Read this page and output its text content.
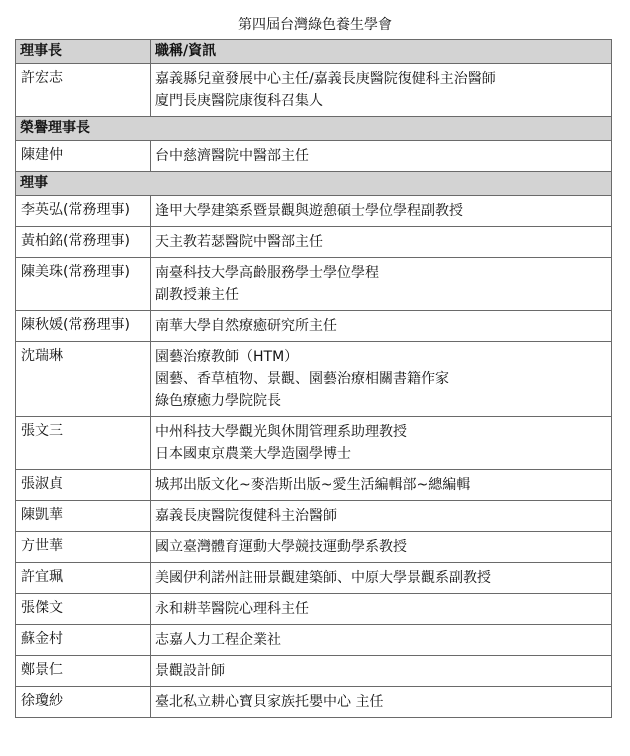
第四屆台灣綠色養生學會
理事長	職稱/資訊
許宏志	嘉義縣兒童發展中心主任/嘉義長庚醫院復健科主治醫師
廈門長庚醫院康復科召集人

榮譽理事長	
陳建仲	台中慈濟醫院中醫部主任

理事	
李英弘(常務理事)	逢甲大學建築系暨景觀與遊憩碩士學位學程副教授

黃柏銘(常務理事)	天主教若瑟醫院中醫部主任

陳美珠(常務理事)	南臺科技大學高齡服務學士學位學程
副教授兼主任

陳秋媛(常務理事)	南華大學自然療癒研究所主任

沈瑞琳	園藝治療教師（HTM）
園藝、香草植物、景觀、園藝治療相關書籍作家
綠色療癒力學院院長

張文三	中州科技大學觀光與休閒管理系助理教授
日本國東京農業大學造園學博士

張淑貞	城邦出版文化~麥浩斯出版~愛生活編輯部~總編輯

陳凱華	嘉義長庚醫院復健科主治醫師

方世華	國立臺灣體育運動大學競技運動學系教授

許宜珮	美國伊利諾州註冊景觀建築師、中原大學景觀系副教授

張傑文	永和耕莘醫院心理科主任

蘇金村	志嘉人力工程企業社

鄭景仁	景觀設計師

徐瓊紗	臺北私立耕心寶貝家族托嬰中心 主任
